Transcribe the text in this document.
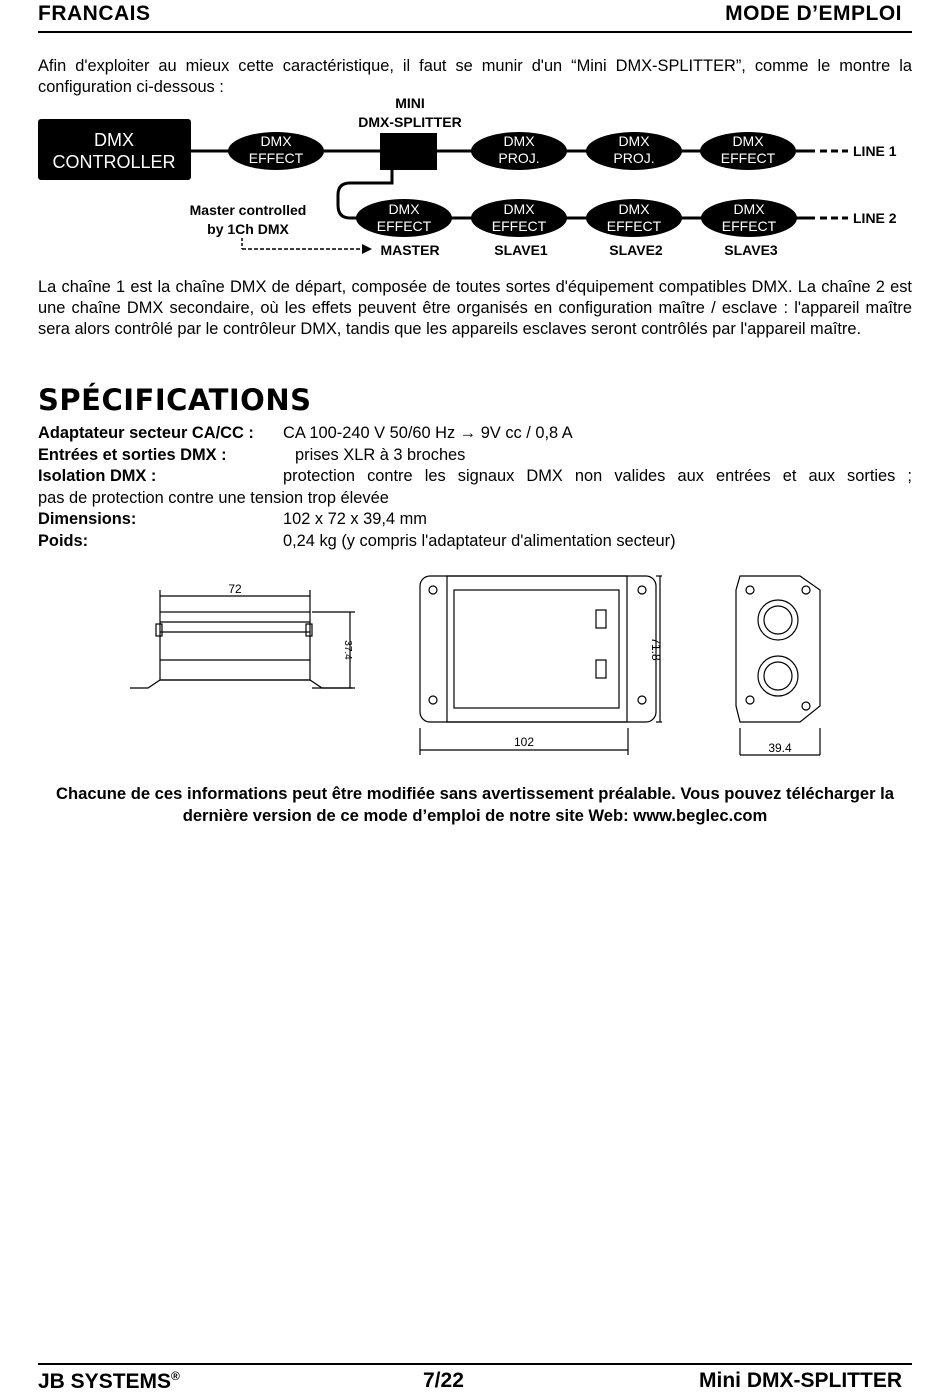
FRANCAIS	MODE D’EMPLOI
Afin d'exploiter au mieux cette caractéristique, il faut se munir d'un “Mini DMX-SPLITTER”, comme le montre la configuration ci-dessous :
DMX
CONTROLLER
MINI
DMX-SPLITTER
DMX
EFFECT
DMX
PROJ.
DMX
PROJ.
DMX
EFFECT	LINE 1
DMX
EFFECT
DMX
EFFECT
DMX
EFFECT
DMX
EFFECT	LINE 2
MASTER	SLAVE1	SLAVE2	SLAVE3
Master controlled
by 1Ch DMX
La chaîne 1 est la chaîne DMX de départ, composée de toutes sortes d'équipement compatibles DMX. La chaîne 2 est une chaîne DMX secondaire, où les effets peuvent être organisés en configuration maître / esclave : l'appareil maître sera alors contrôlé par le contrôleur DMX, tandis que les appareils esclaves seront contrôlés par l'appareil maître.
SPÉCIFICATIONS
Adaptateur secteur CA/CC : CA 100-240 V 50/60 Hz → 9V cc / 0,8 A
Entrées et sorties DMX :	prises XLR à 3 broches
Isolation DMX :	protection contre les signaux DMX non valides aux entrées et aux sorties ;
pas de protection contre une tension trop élevée
Dimensions:	102 x 72 x 39,4 mm
Poids:	0,24 kg (y compris l'adaptateur d'alimentation secteur)
72
37.4
102
71.8
39.4
Chacune de ces informations peut être modifiée sans avertissement préalable. Vous pouvez télécharger la dernière version de ce mode d’emploi de notre site Web: www.beglec.com
JB SYSTEMS®	7/22	Mini DMX-SPLITTER
